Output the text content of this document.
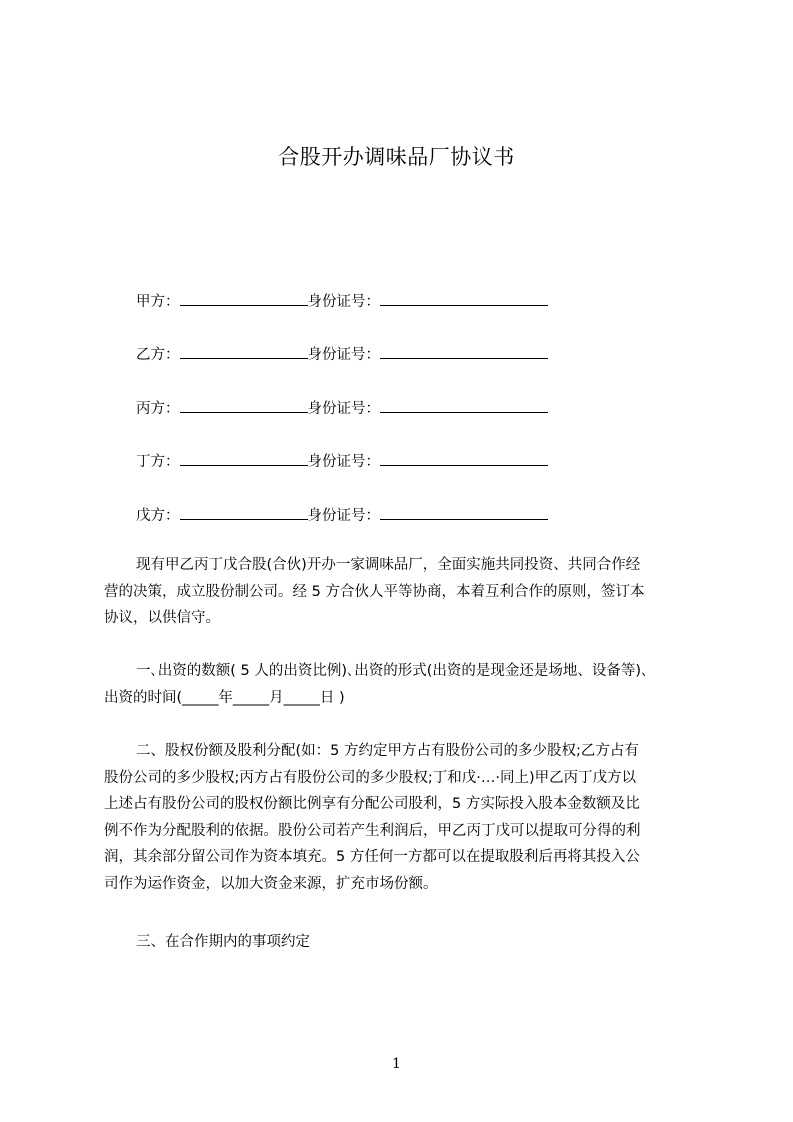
合股开办调味品厂协议书
甲方：	身份证号：
乙方：	身份证号：
丙方：	身份证号：
丁方：	身份证号：
戊方：	身份证号：
现有甲乙丙丁戊合股(合伙)开办一家调味品厂，全面实施共同投资、共同合作经
营的决策，成立股份制公司。经 5 方合伙人平等协商，本着互利合作的原则，签订本
协议，以供信守。
一､出资的数额( 5 人的出资比例)､出资的形式(出资的是现金还是场地、设备等)､
出资的时间(_____年_____月_____日 )
二、股权份额及股利分配(如：5 方约定甲方占有股份公司的多少股权;乙方占有
股份公司的多少股权;丙方占有股份公司的多少股权;丁和戊·…·同上)甲乙丙丁戊方以
上述占有股份公司的股权份额比例享有分配公司股利，5 方实际投入股本金数额及比
例不作为分配股利的依据。股份公司若产生利润后，甲乙丙丁戊可以提取可分得的利
润，其余部分留公司作为资本填充。5 方任何一方都可以在提取股利后再将其投入公
司作为运作资金，以加大资金来源，扩充市场份额。
三、在合作期内的事项约定
1
